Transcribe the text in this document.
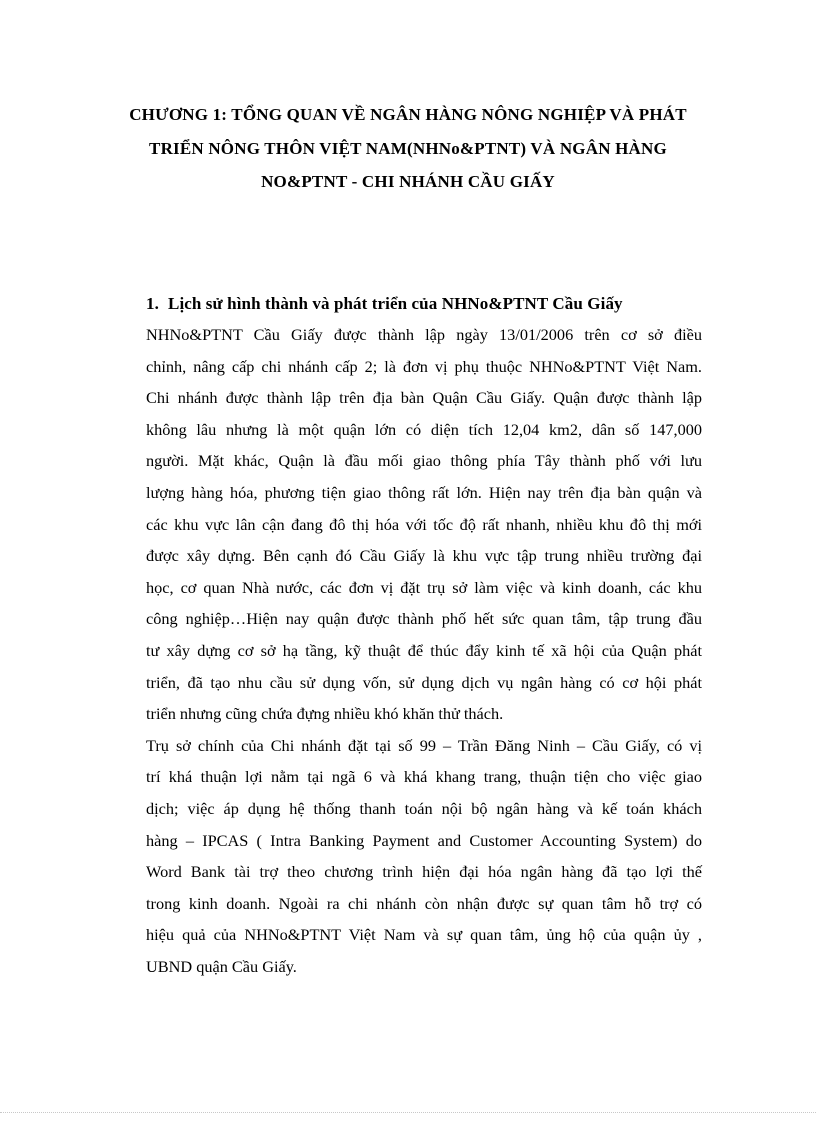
CHƯƠNG 1: TỔNG QUAN VỀ NGÂN HÀNG NÔNG NGHIỆP VÀ PHÁT
TRIỂN NÔNG THÔN VIỆT NAM(NHNo&PTNT) VÀ NGÂN HÀNG
NO&PTNT - CHI NHÁNH CẦU GIẤY
1. Lịch sử hình thành và phát triển của NHNo&PTNT Cầu Giấy
NHNo&PTNT Cầu Giấy được thành lập ngày 13/01/2006 trên cơ sở điều
chỉnh, nâng cấp chi nhánh cấp 2; là đơn vị phụ thuộc NHNo&PTNT Việt Nam.
Chi nhánh được thành lập trên địa bàn Quận Cầu Giấy. Quận được thành lập
không lâu nhưng là một quận lớn có diện tích 12,04 km2, dân số 147,000
người. Mặt khác, Quận là đầu mối giao thông phía Tây thành phố với lưu
lượng hàng hóa, phương tiện giao thông rất lớn. Hiện nay trên địa bàn quận và
các khu vực lân cận đang đô thị hóa với tốc độ rất nhanh, nhiều khu đô thị mới
được xây dựng. Bên cạnh đó Cầu Giấy là khu vực tập trung nhiều trường đại
học, cơ quan Nhà nước, các đơn vị đặt trụ sở làm việc và kinh doanh, các khu
công nghiệp…Hiện nay quận được thành phố hết sức quan tâm, tập trung đầu
tư xây dựng cơ sở hạ tầng, kỹ thuật để thúc đẩy kinh tế xã hội của Quận phát
triển, đã tạo nhu cầu sử dụng vốn, sử dụng dịch vụ ngân hàng có cơ hội phát
triển nhưng cũng chứa đựng nhiều khó khăn thử thách.
Trụ sở chính của Chi nhánh đặt tại số 99 – Trần Đăng Ninh – Cầu Giấy, có vị
trí khá thuận lợi nằm tại ngã 6 và khá khang trang, thuận tiện cho việc giao
dịch; việc áp dụng hệ thống thanh toán nội bộ ngân hàng và kế toán khách
hàng – IPCAS ( Intra Banking Payment and Customer Accounting System) do
Word Bank tài trợ theo chương trình hiện đại hóa ngân hàng đã tạo lợi thế
trong kinh doanh. Ngoài ra chi nhánh còn nhận được sự quan tâm hỗ trợ có
hiệu quả của NHNo&PTNT Việt Nam và sự quan tâm, ủng hộ của quận ủy ,
UBND quận Cầu Giấy.
